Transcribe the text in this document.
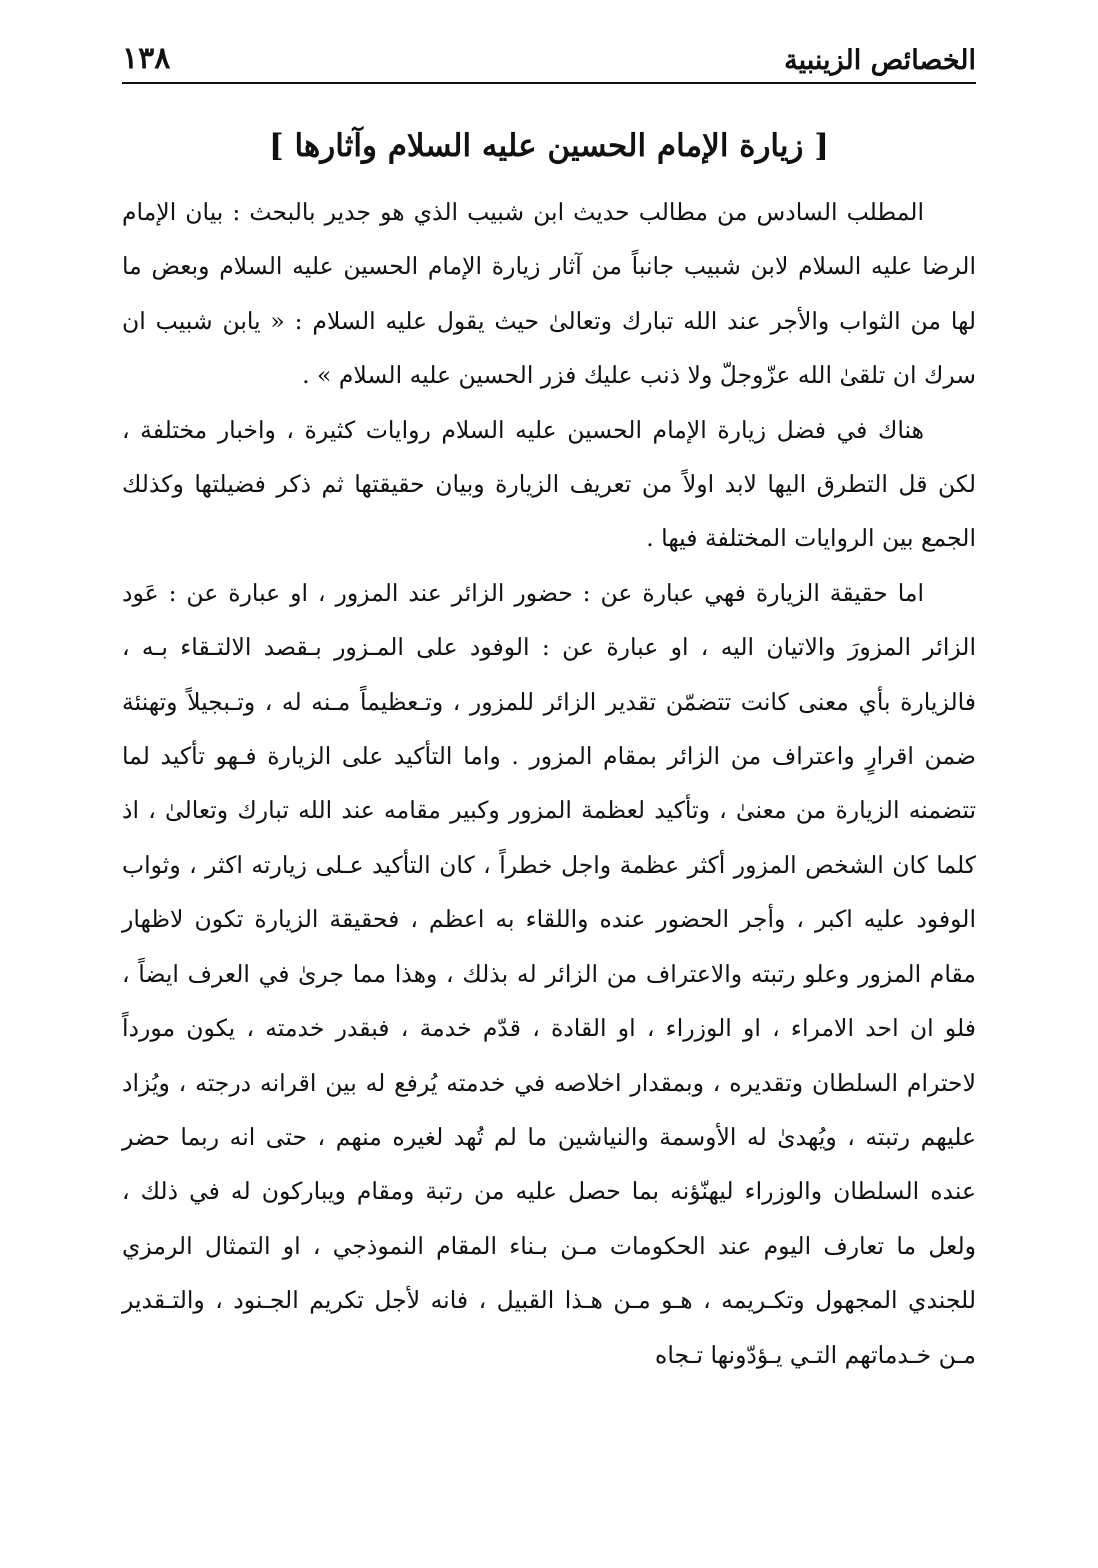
١٣٨	الخصائص الزينبية
[ زيارة الإمام الحسين عليه السلام وآثارها ]

المطلب السادس من مطالب حديث ابن شبيب الذي هو جدير بالبحث : بيان الإمام الرضا عليه السلام لابن شبيب جانباً من آثار زيارة الإمام الحسين عليه السلام وبعض ما لها من الثواب والأجر عند الله تبارك وتعالىٰ حيث يقول عليه السلام : « يابن شبيب ان سرك ان تلقىٰ الله عزّوجلّ ولا ذنب عليك فزر الحسين عليه السلام » .

هناك في فضل زيارة الإمام الحسين عليه السلام روايات كثيرة ، واخبار مختلفة ، لكن قل التطرق اليها لابد اولاً من تعريف الزيارة وبيان حقيقتها ثم ذكر فضيلتها وكذلك الجمع بين الروايات المختلفة فيها .

اما حقيقة الزيارة فهي عبارة عن : حضور الزائر عند المزور ، او عبارة عن : عَود الزائر المزورَ والاتيان اليه ، او عبارة عن : الوفود على المـزور بـقصد الالتـقاء بـه ، فالزيارة بأي معنى كانت تتضمّن تقدير الزائر للمزور ، وتـعظيماً مـنه له ، وتـبجيلاً وتهنئة ضمن اقرارٍ واعتراف من الزائر بمقام المزور . واما التأكيد على الزيارة فـهو تأكيد لما تتضمنه الزيارة من معنىٰ ، وتأكيد لعظمة المزور وكبير مقامه عند الله تبارك وتعالىٰ ، اذ كلما كان الشخص المزور أكثر عظمة واجل خطراً ، كان التأكيد عـلى زيارته اكثر ، وثواب الوفود عليه اكبر ، وأجر الحضور عنده واللقاء به اعظم ، فحقيقة الزيارة تكون لاظهار مقام المزور وعلو رتبته والاعتراف من الزائر له بذلك ، وهذا مما جرىٰ في العرف ايضاً ، فلو ان احد الامراء ، او الوزراء ، او القادة ، قدّم خدمة ، فبقدر خدمته ، يكون مورداً لاحترام السلطان وتقديره ، وبمقدار اخلاصه في خدمته يُرفع له بين اقرانه درجته ، ويُزاد عليهم رتبته ، ويُهدىٰ له الأوسمة والنياشين ما لم تُهد لغيره منهم ، حتى انه ربما حضر عنده السلطان والوزراء ليهنّؤنه بما حصل عليه من رتبة ومقام ويباركون له في ذلك ، ولعل ما تعارف اليوم عند الحكومات مـن بـناء المقام النموذجي ، او التمثال الرمزي للجندي المجهول وتكـريمه ، هـو مـن هـذا القبيل ، فانه لأجل تكريم الجـنود ، والتـقدير مـن خـدماتهم التـي يـؤدّونها تـجاه
